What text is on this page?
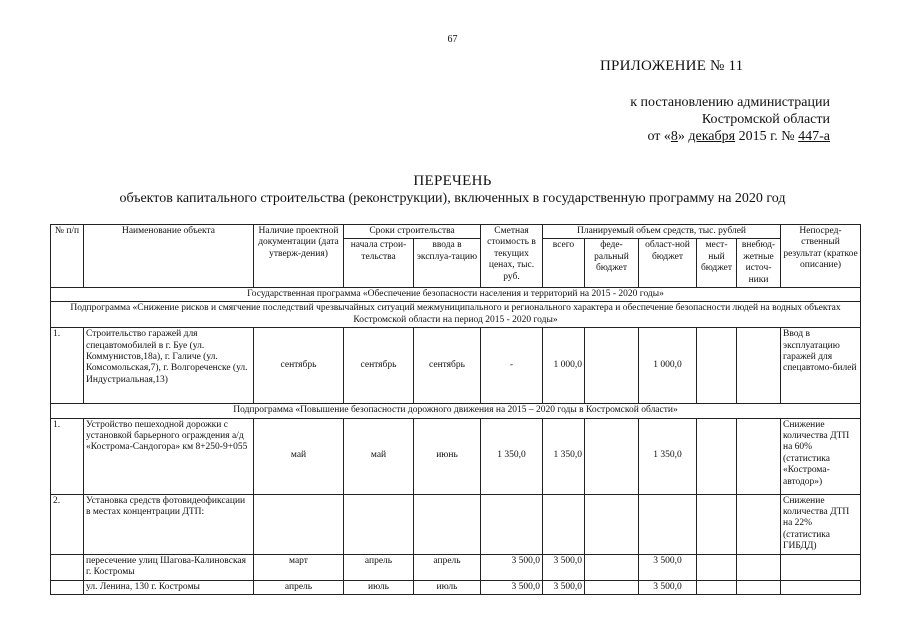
67
ПРИЛОЖЕНИЕ № 11
к постановлению администрации
Костромской области
от «8» декабря 2015 г. № 447-а
ПЕРЕЧЕНЬ
объектов капитального строительства (реконструкции), включенных в государственную программу на 2020 год
№ п/п	Наименование объекта	Наличие проектной документации (дата утверж-дения)	Сроки строительства		Сметная стоимость в текущих ценах, тыс. руб.	Планируемый объем средств, тыс. рублей					Непосред-ственный результат (краткое описание)
			начала строи-тельства	ввода в эксплуа-тацию		всего	феде-ральный бюджет	област-ной бюджет	мест-ный бюджет	внебюд-жетные источ-ники	
Государственная программа «Обеспечение безопасности населения и территорий на 2015 - 2020 годы»											
Подпрограмма «Снижение рисков и смягчение последствий чрезвычайных ситуаций межмуниципального и регионального характера и обеспечение безопасности людей на водных объектах Костромской области на период 2015 - 2020 годы»											
1.	Строительство гаражей для спецавтомобилей в г. Буе (ул. Коммунистов,18а), г. Галиче (ул. Комсомольская,7), г. Волгореченске (ул. Индустриальная,13)	сентябрь	сентябрь	сентябрь	-	1 000,0		1 000,0			Ввод в эксплуатацию гаражей для спецавтомо-билей
Подпрограмма «Повышение безопасности дорожного движения на 2015 – 2020 годы в Костромской области»											
1.	Устройство пешеходной дорожки с установкой барьерного ограждения а/д «Кострома-Сандогора» км 8+250-9+055	май	май	июнь	1 350,0	1 350,0		1 350,0			Снижение количества ДТП на 60% (статистика «Кострома-автодор»)
2.	Установка средств фотовидеофиксации в местах концентрации ДТП:										Снижение количества ДТП на 22% (статистика ГИБДД)
	пересечение улиц Шагова-Калиновская г. Костромы	март	апрель	апрель	3 500,0	3 500,0		3 500,0			
	ул. Ленина, 130 г. Костромы	апрель	июль	июль	3 500,0	3 500,0		3 500,0			
